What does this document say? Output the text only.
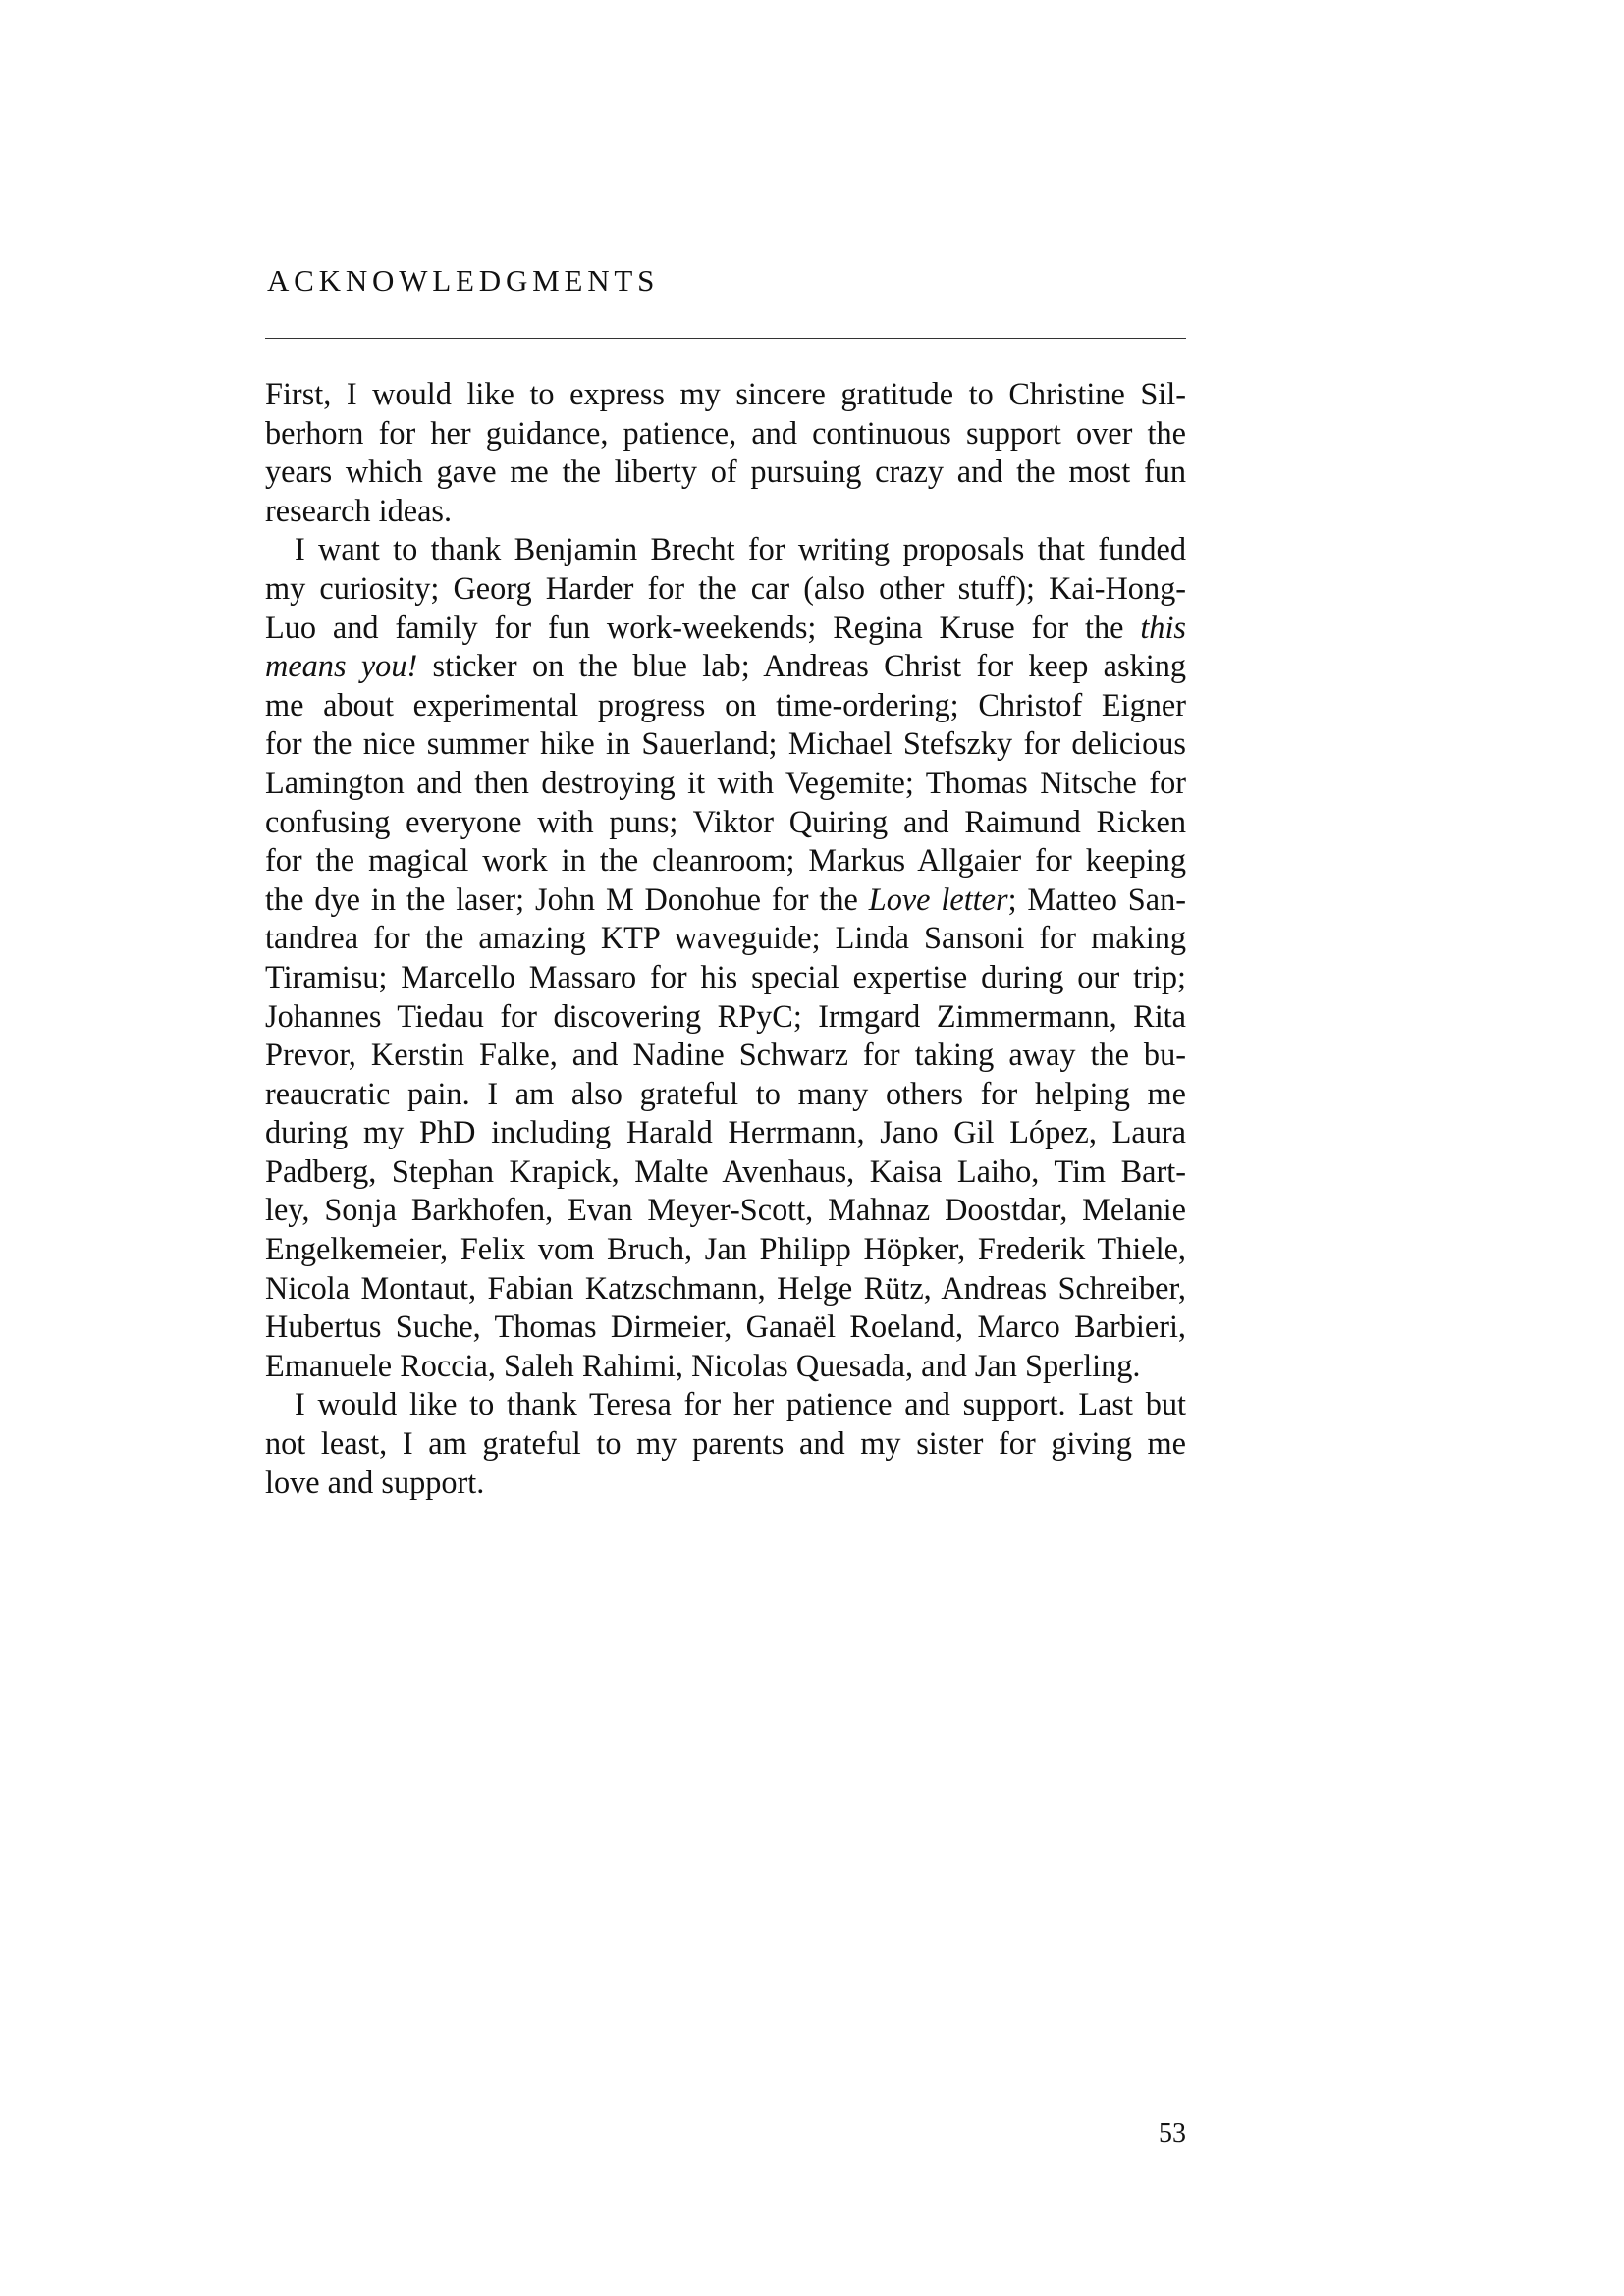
ACKNOWLEDGMENTS
First, I would like to express my sincere gratitude to Christine Sil-
berhorn for her guidance, patience, and continuous support over the
years which gave me the liberty of pursuing crazy and the most fun
research ideas.
I want to thank Benjamin Brecht for writing proposals that funded
my curiosity; Georg Harder for the car (also other stuff); Kai-Hong-
Luo and family for fun work-weekends; Regina Kruse for the this
means you! sticker on the blue lab; Andreas Christ for keep asking
me about experimental progress on time-ordering; Christof Eigner
for the nice summer hike in Sauerland; Michael Stefszky for delicious
Lamington and then destroying it with Vegemite; Thomas Nitsche for
confusing everyone with puns; Viktor Quiring and Raimund Ricken
for the magical work in the cleanroom; Markus Allgaier for keeping
the dye in the laser; John M Donohue for the Love letter; Matteo San-
tandrea for the amazing KTP waveguide; Linda Sansoni for making
Tiramisu; Marcello Massaro for his special expertise during our trip;
Johannes Tiedau for discovering RPyC; Irmgard Zimmermann, Rita
Prevor, Kerstin Falke, and Nadine Schwarz for taking away the bu-
reaucratic pain. I am also grateful to many others for helping me
during my PhD including Harald Herrmann, Jano Gil López, Laura
Padberg, Stephan Krapick, Malte Avenhaus, Kaisa Laiho, Tim Bart-
ley, Sonja Barkhofen, Evan Meyer-Scott, Mahnaz Doostdar, Melanie
Engelkemeier, Felix vom Bruch, Jan Philipp Höpker, Frederik Thiele,
Nicola Montaut, Fabian Katzschmann, Helge Rütz, Andreas Schreiber,
Hubertus Suche, Thomas Dirmeier, Ganaël Roeland, Marco Barbieri,
Emanuele Roccia, Saleh Rahimi, Nicolas Quesada, and Jan Sperling.
I would like to thank Teresa for her patience and support. Last but
not least, I am grateful to my parents and my sister for giving me
love and support.
53
